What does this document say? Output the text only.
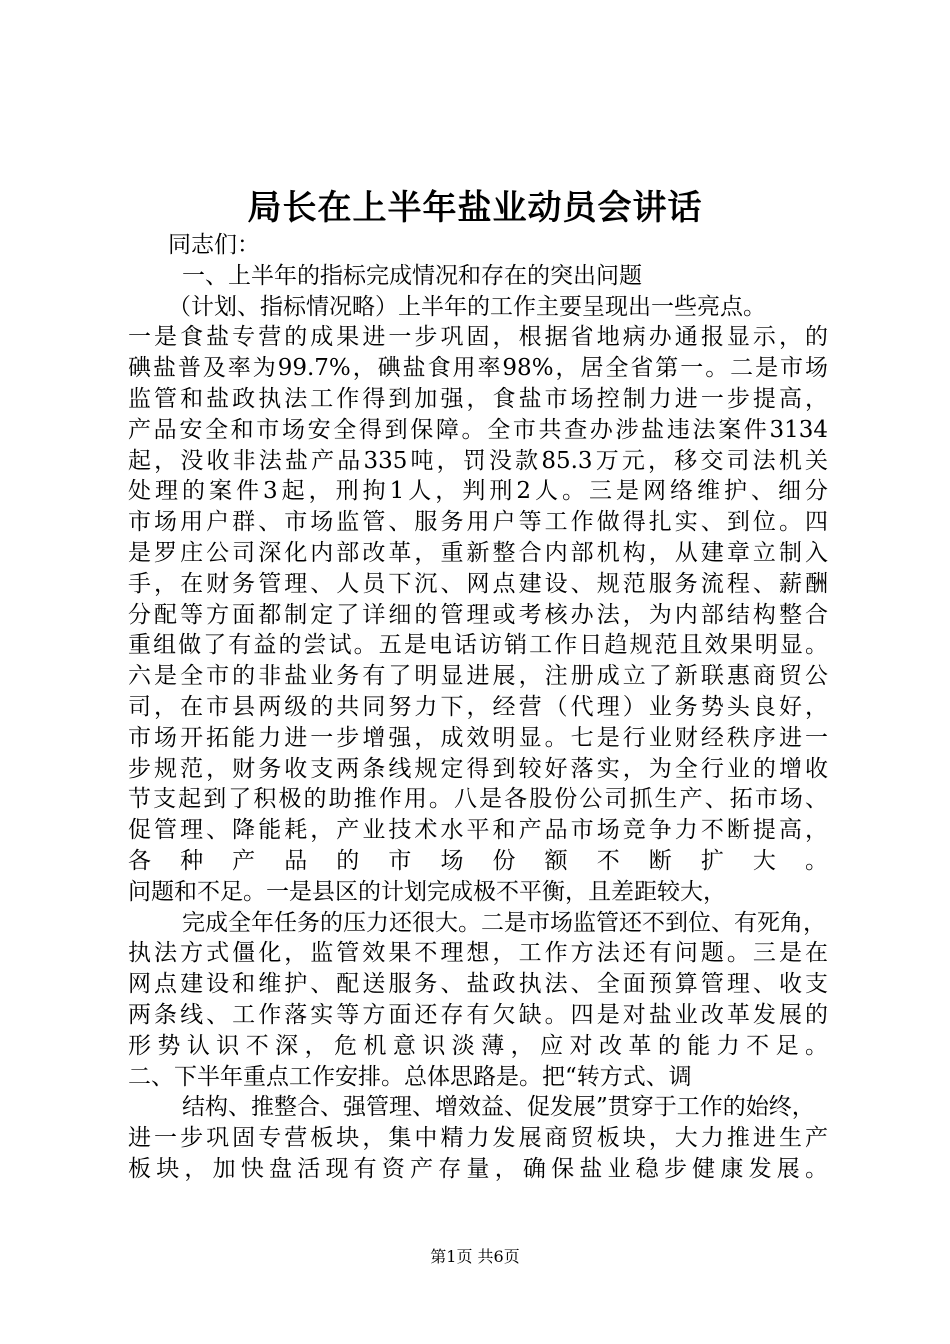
局长在上半年盐业动员会讲话
同志们：
一、上半年的指标完成情况和存在的突出问题
（计划、指标情况略）上半年的工作主要呈现出一些亮点。
一是食盐专营的成果进一步巩固，根据省地病办通报显示，的
碘盐普及率为99.7%，碘盐食用率98%，居全省第一。二是市场
监管和盐政执法工作得到加强，食盐市场控制力进一步提高，
产品安全和市场安全得到保障。全市共查办涉盐违法案件3134
起，没收非法盐产品335吨，罚没款85.3万元，移交司法机关
处理的案件3起，刑拘1人，判刑2人。三是网络维护、细分
市场用户群、市场监管、服务用户等工作做得扎实、到位。四
是罗庄公司深化内部改革，重新整合内部机构，从建章立制入
手，在财务管理、人员下沉、网点建设、规范服务流程、薪酬
分配等方面都制定了详细的管理或考核办法，为内部结构整合
重组做了有益的尝试。五是电话访销工作日趋规范且效果明显。
六是全市的非盐业务有了明显进展，注册成立了新联惠商贸公
司，在市县两级的共同努力下，经营（代理）业务势头良好，
市场开拓能力进一步增强，成效明显。七是行业财经秩序进一
步规范，财务收支两条线规定得到较好落实，为全行业的增收
节支起到了积极的助推作用。八是各股份公司抓生产、拓市场、
促管理、降能耗，产业技术水平和产品市场竞争力不断提高，
各种产品的市场份额不断扩大。
问题和不足。一是县区的计划完成极不平衡，且差距较大，
完成全年任务的压力还很大。二是市场监管还不到位、有死角，
执法方式僵化，监管效果不理想，工作方法还有问题。三是在
网点建设和维护、配送服务、盐政执法、全面预算管理、收支
两条线、工作落实等方面还存有欠缺。四是对盐业改革发展的
形势认识不深，危机意识淡薄，应对改革的能力不足。
二、下半年重点工作安排。总体思路是。把“转方式、调
结构、推整合、强管理、增效益、促发展”贯穿于工作的始终，
进一步巩固专营板块，集中精力发展商贸板块，大力推进生产
板块，加快盘活现有资产存量，确保盐业稳步健康发展。
第1页 共6页
